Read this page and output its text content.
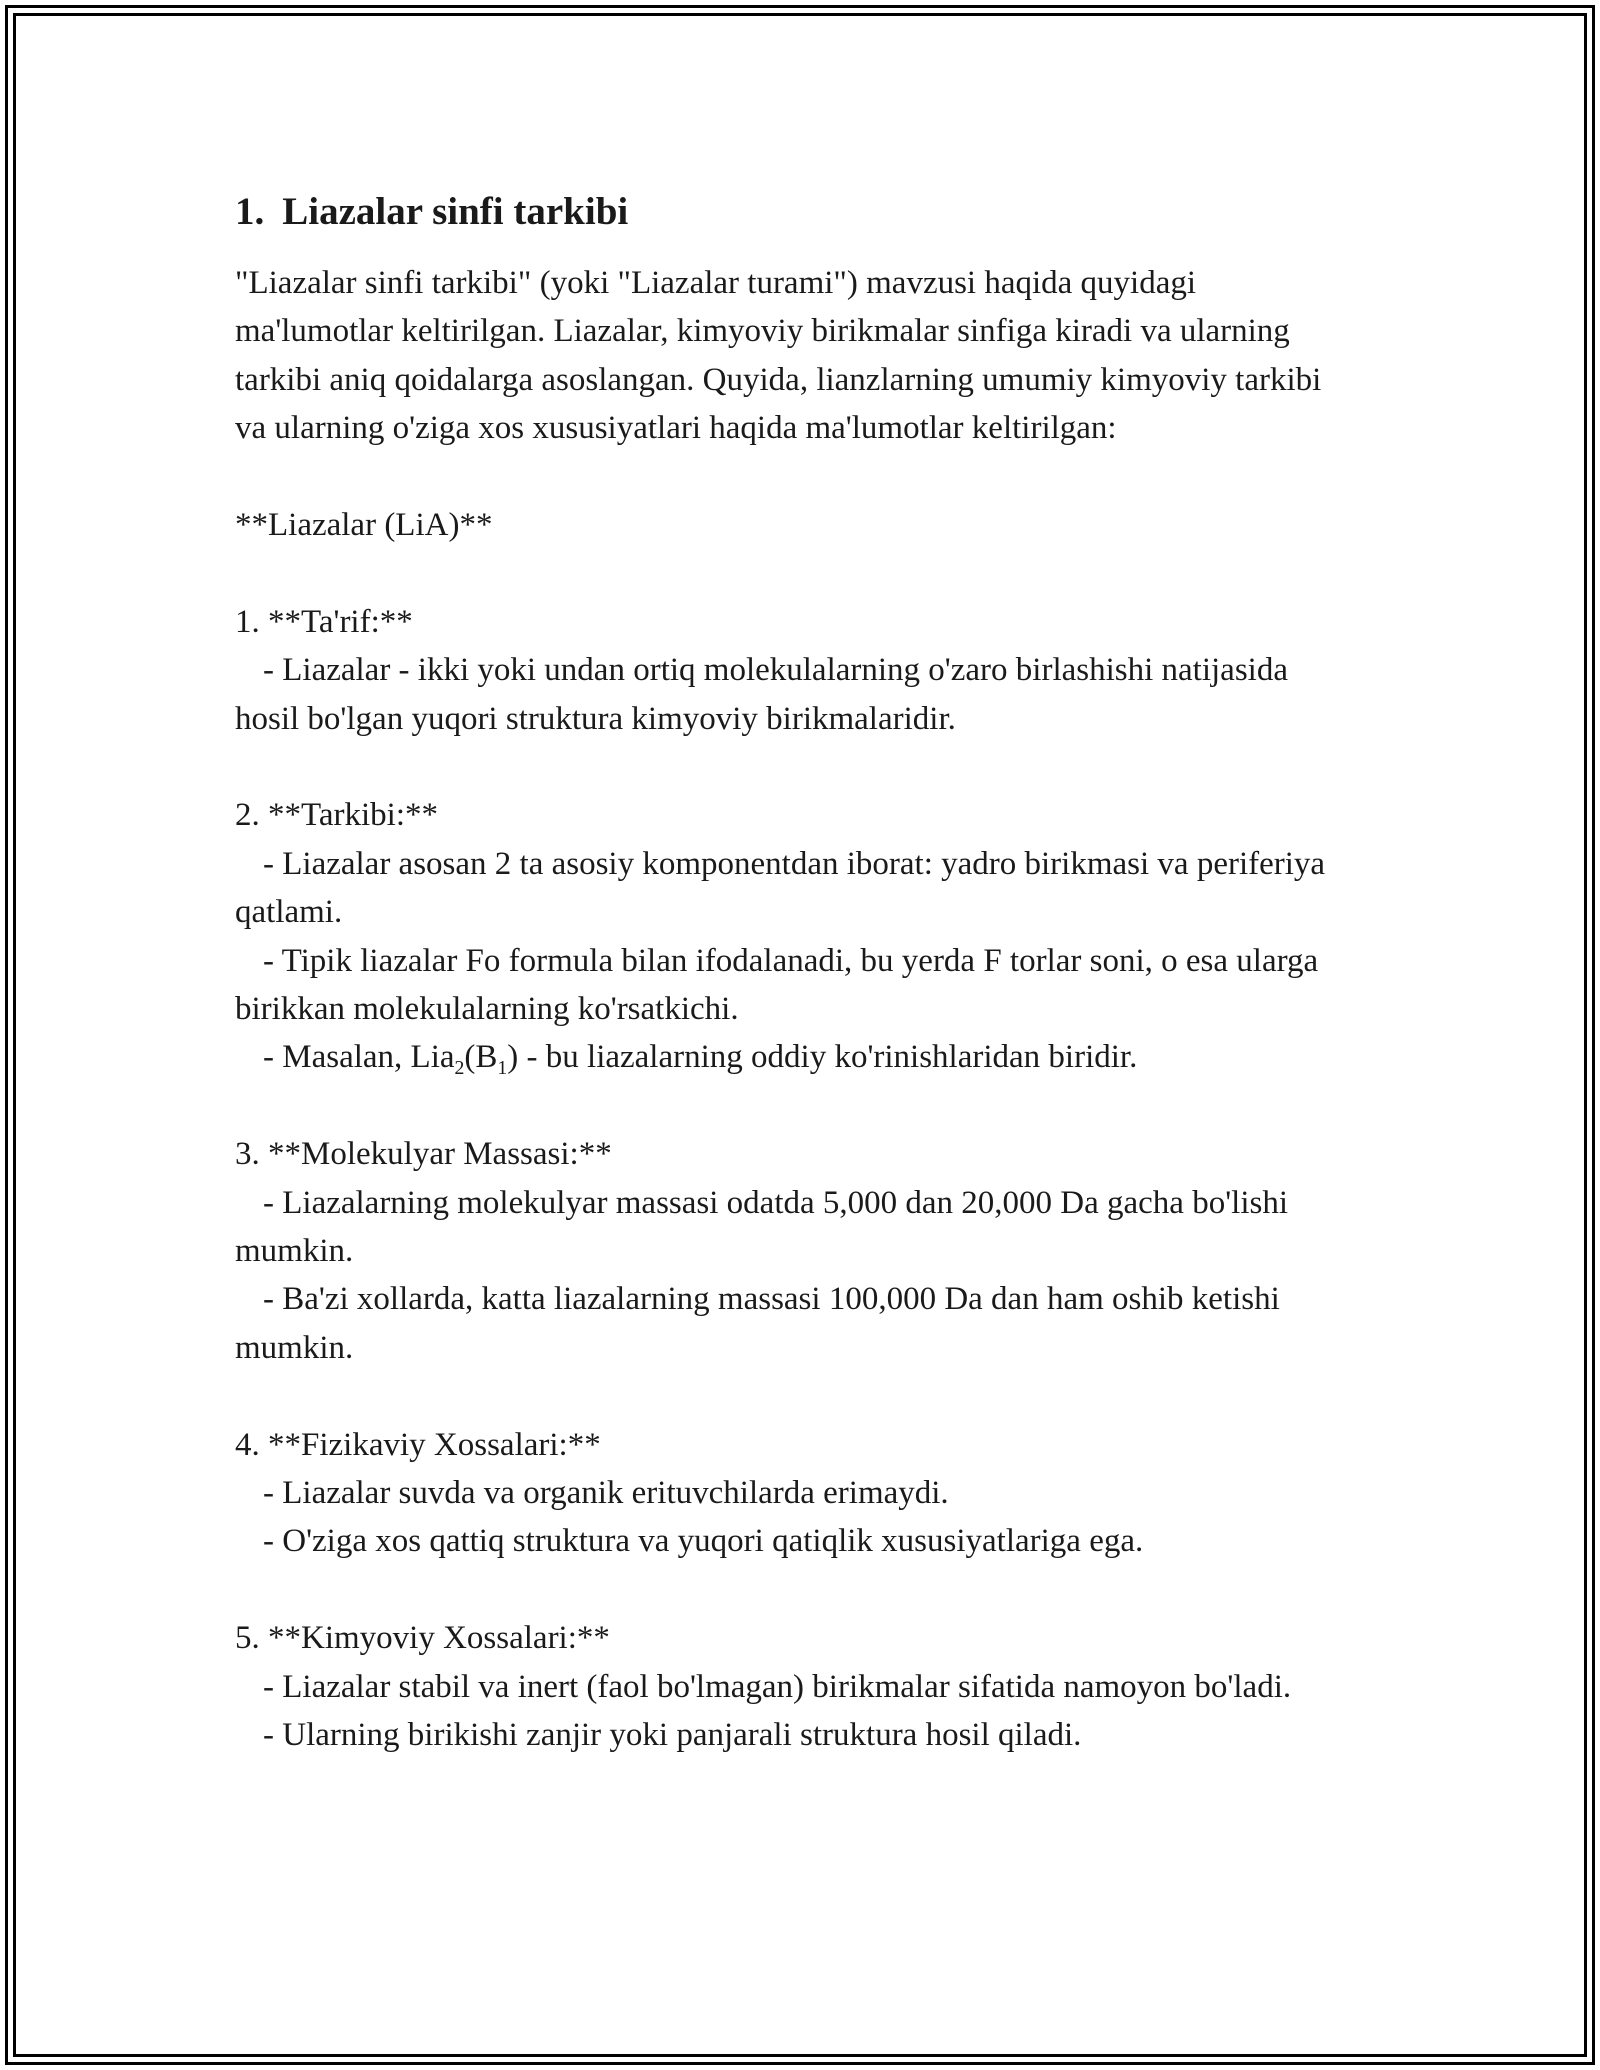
1. Liazalar sinfi tarkibi

"Liazalar sinfi tarkibi" (yoki "Liazalar turami") mavzusi haqida quyidagi ma'lumotlar keltirilgan. Liazalar, kimyoviy birikmalar sinfiga kiradi va ularning tarkibi aniq qoidalarga asoslangan. Quyida, lianzlarning umumiy kimyoviy tarkibi va ularning o'ziga xos xususiyatlari haqida ma'lumotlar keltirilgan:

**Liazalar (LiA)**

1. **Ta'rif:**

- Liazalar - ikki yoki undan ortiq molekulalarning o'zaro birlashishi natijasida hosil bo'lgan yuqori struktura kimyoviy birikmalaridir.

2. **Tarkibi:**

- Liazalar asosan 2 ta asosiy komponentdan iborat: yadro birikmasi va periferiya qatlami.

- Tipik liazalar Fo formula bilan ifodalanadi, bu yerda F torlar soni, o esa ularga birikkan molekulalarning ko'rsatkichi.

- Masalan, $Lia_2(B_1)$ - bu liazalarning oddiy ko'rinishlaridan biridir.

3. **Molekulyar Massasi:**

- Liazalarning molekulyar massasi odatda 5,000 dan 20,000 Da gacha bo'lishi mumkin.

- Ba'zi xollarda, katta liazalarning massasi 100,000 Da dan ham oshib ketishi mumkin.

4. **Fizikaviy Xossalari:**

- Liazalar suvda va organik erituvchilarda erimaydi.

- O'ziga xos qattiq struktura va yuqori qatiqlik xususiyatlariga ega.

5. **Kimyoviy Xossalari:**

- Liazalar stabil va inert (faol bo'lmagan) birikmalar sifatida namoyon bo'ladi.

- Ularning birikishi zanjir yoki panjarali struktura hosil qiladi.
